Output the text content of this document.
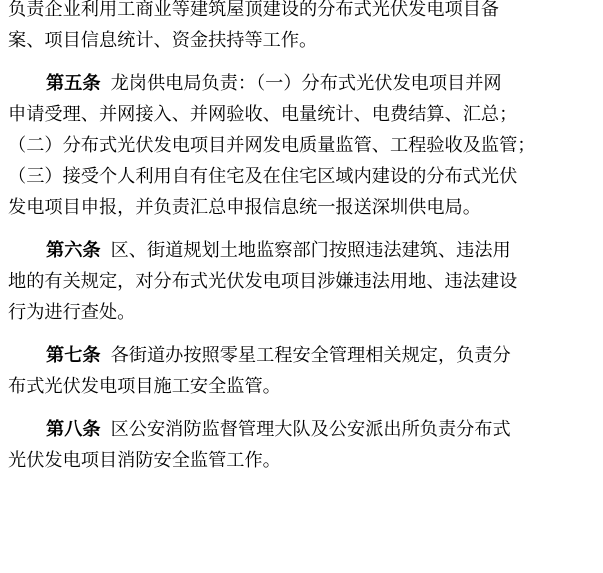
负责企业利用工商业等建筑屋顶建设的分布式光伏发电项目备
案、项目信息统计、资金扶持等工作。
第五条 龙岗供电局负责：（一）分布式光伏发电项目并网
申请受理、并网接入、并网验收、电量统计、电费结算、汇总；
（二）分布式光伏发电项目并网发电质量监管、工程验收及监管；
（三）接受个人利用自有住宅及在住宅区域内建设的分布式光伏
发电项目申报，并负责汇总申报信息统一报送深圳供电局。
第六条 区、街道规划土地监察部门按照违法建筑、违法用
地的有关规定，对分布式光伏发电项目涉嫌违法用地、违法建设
行为进行查处。
第七条 各街道办按照零星工程安全管理相关规定，负责分
布式光伏发电项目施工安全监管。
第八条 区公安消防监督管理大队及公安派出所负责分布式
光伏发电项目消防安全监管工作。
